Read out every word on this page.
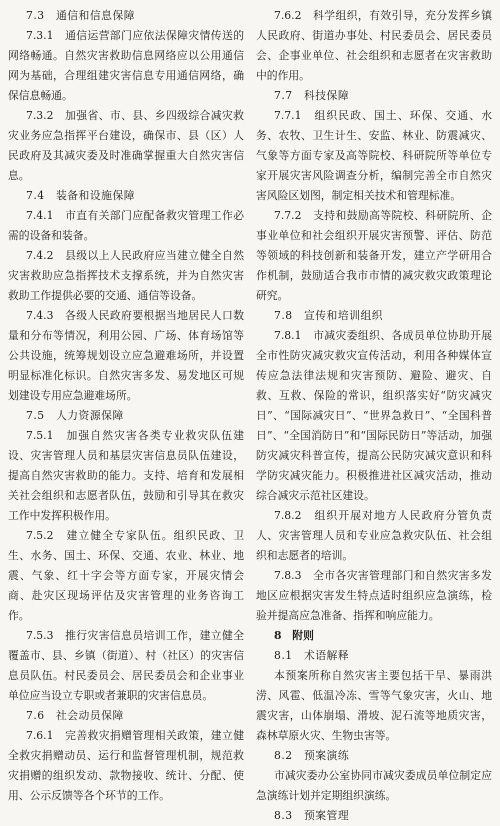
7.3　通信和信息保障

7.3.1　通信运营部门应依法保障灾情传送的网络畅通。自然灾害救助信息网络应以公用通信网为基础，合理组建灾害信息专用通信网络，确保信息畅通。

7.3.2　加强省、市、县、乡四级综合减灾救灾业务应急指挥平台建设，确保市、县（区）人民政府及其减灾委及时准确掌握重大自然灾害信息。

7.4　装备和设施保障

7.4.1　市直有关部门应配备救灾管理工作必需的设备和装备。

7.4.2　县级以上人民政府应当建立健全自然灾害救助应急指挥技术支撑系统，并为自然灾害救助工作提供必要的交通、通信等设备。

7.4.3　各级人民政府要根据当地居民人口数量和分布等情况，利用公园、广场、体育场馆等公共设施，统筹规划设立应急避难场所，并设置明显标准化标识。自然灾害多发、易发地区可规划建设专用应急避难场所。

7.5　人力资源保障

7.5.1　加强自然灾害各类专业救灾队伍建设、灾害管理人员和基层灾害信息员队伍建设，提高自然灾害救助的能力。支持、培育和发展相关社会组织和志愿者队伍，鼓励和引导其在救灾工作中发挥积极作用。

7.5.2　建立健全专家队伍。组织民政、卫生、水务、国土、环保、交通、农业、林业、地震、气象、红十字会等方面专家，开展灾情会商、赴灾区现场评估及灾害管理的业务咨询工作。

7.5.3　推行灾害信息员培训工作，建立健全覆盖市、县、乡镇（街道）、村（社区）的灾害信息员队伍。村民委员会、居民委员会和企业事业单位应当设立专职或者兼职的灾害信息员。

7.6　社会动员保障

7.6.1　完善救灾捐赠管理相关政策，建立健全救灾捐赠动员、运行和监督管理机制，规范救灾捐赠的组织发动、款物接收、统计、分配、使用、公示反馈等各个环节的工作。

7.6.2　科学组织，有效引导，充分发挥乡镇人民政府、街道办事处、村民委员会、居民委员会、企事业单位、社会组织和志愿者在灾害救助中的作用。

7.7　科技保障

7.7.1　组织民政、国土、环保、交通、水务、农牧、卫生计生、安监、林业、防震减灾、气象等方面专家及高等院校、科研院所等单位专家开展灾害风险调查分析，编制完善全市自然灾害风险区划图，制定相关技术和管理标准。

7.7.2　支持和鼓励高等院校、科研院所、企事业单位和社会组织开展灾害预警、评估、防范等领域的科技创新和装备开发，建立产学研用合作机制，鼓励适合我市市情的减灾救灾政策理论研究。

7.8　宣传和培训组织

7.8.1　市减灾委组织、各成员单位协助开展全市性防灾减灾救灾宣传活动，利用各种媒体宣传应急法律法规和灾害预防、避险、避灾、自救、互救、保险的常识，组织落实好“防灾减灾日”、“国际减灾日”、“世界急救日”、“全国科普日”、“全国消防日”和“国际民防日”等活动，加强防灾减灾科普宣传，提高公民防灾减灾意识和科学防灾减灾能力。积极推进社区减灾活动，推动综合减灾示范社区建设。

7.8.2　组织开展对地方人民政府分管负责人、灾害管理人员和专业应急救灾队伍、社会组织和志愿者的培训。

7.8.3　全市各灾害管理部门和自然灾害多发地区应根据灾害发生特点适时组织应急演练，检验并提高应急准备、指挥和响应能力。

8　附则

8.1　术语解释

本预案所称自然灾害主要包括干旱、暴雨洪涝、风雹、低温冷冻、雪等气象灾害，火山、地震灾害，山体崩塌、滑坡、泥石流等地质灾害，森林草原火灾、生物虫害等。

8.2　预案演练

市减灾委办公室协同市减灾委成员单位制定应急演练计划并定期组织演练。

8.3　预案管理
